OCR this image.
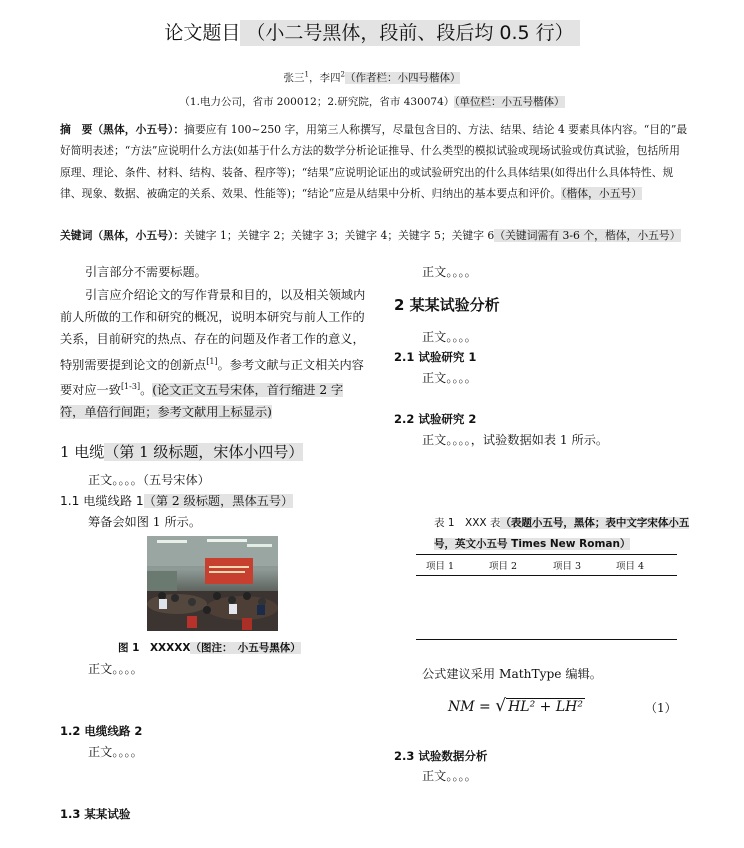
论文题目 （小二号黑体，段前、段后均 0.5 行）
张三$^1$，李四$^2$（作者栏：小四号楷体）
（1.电力公司，省市 200012；2.研究院，省市 430074）（单位栏：小五号楷体）
摘　要（黑体，小五号）：摘要应有 100~250 字，用第三人称撰写，尽量包含目的、方法、结果、结论 4 要素具体内容。“目的”最好简明表述；“方法”应说明什么方法(如基于什么方法的数学分析论证推导、什么类型的模拟试验或现场试验或仿真试验，包括所用原理、理论、条件、材料、结构、装备、程序等)；“结果”应说明论证出的或试验研究出的什么具体结果(如得出什么具体特性、规律、现象、数据、被确定的关系、效果、性能等)；“结论”应是从结果中分析、归纳出的基本要点和评价。（楷体，小五号）
关键词（黑体，小五号）：关键字 1；关键字 2；关键字 3；关键字 4；关键字 5；关键字 6（关键词需有 3-6 个，楷体，小五号）
引言部分不需要标题。
引言应介绍论文的写作背景和目的，以及相关领域内前人所做的工作和研究的概况，说明本研究与前人工作的关系，目前研究的热点、存在的问题及作者工作的意义，特别需要提到论文的创新点[1]。参考文献与正文相关内容要对应一致[1-3]。(论文正文五号宋体，首行缩进 2 字符，单倍行间距；参考文献用上标显示)
1 电缆（第 1 级标题，宋体小四号）
正文。。。。（五号宋体）
1.1 电缆线路 1（第 2 级标题，黑体五号）
筹备会如图 1 所示。
图 1　XXXXX（图注：　小五号黑体）
正文。。。。
1.2 电缆线路 2
正文。。。。
1.3 某某试验
正文。。。。
2 某某试验分析
正文。。。。
2.1 试验研究 1
正文。。。。
2.2 试验研究 2
正文。。。。，试验数据如表 1 所示。
表 1　XXX 表（表题小五号，黑体；表中文字宋体小五号，英文小五号 Times New Roman）
项目 1	项目 2	项目 3	项目 4
公式建议采用 MathType 编辑。
NM = √ HL² + LH²	（1）
2.3 试验数据分析
正文。。。。
